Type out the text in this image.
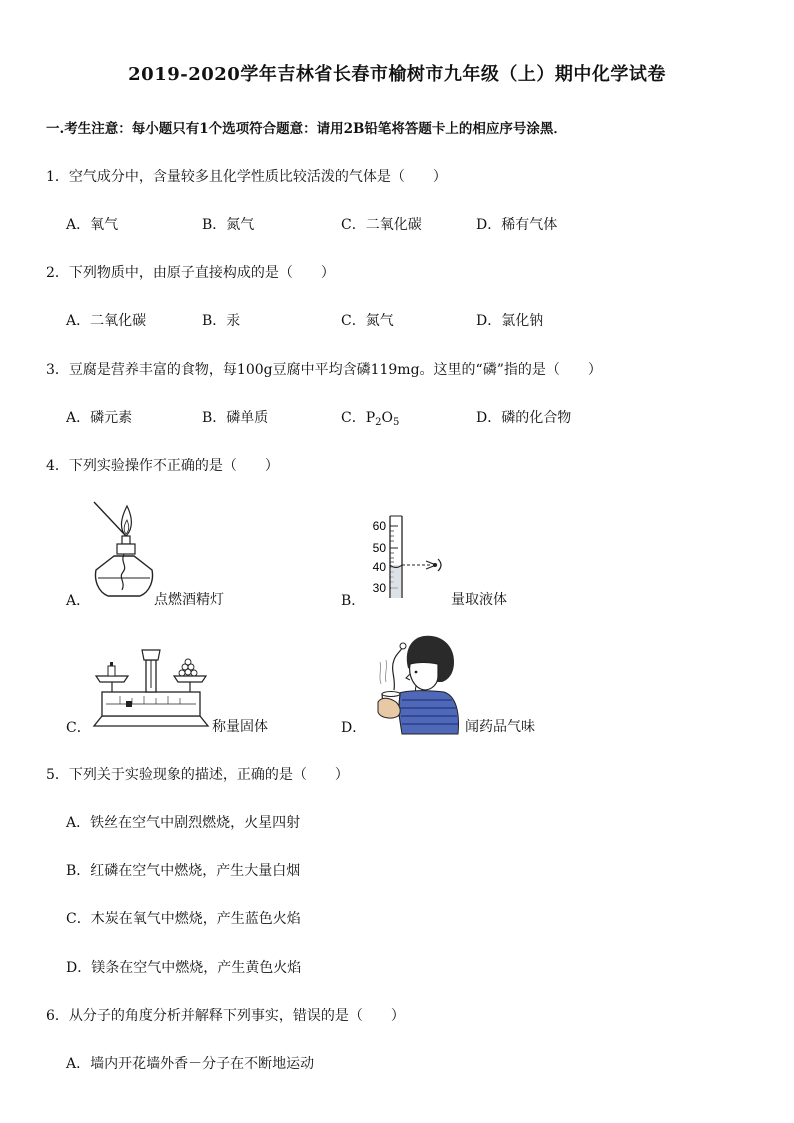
2019-2020学年吉林省长春市榆树市九年级（上）期中化学试卷
一.考生注意：每小题只有1个选项符合题意：请用2B铅笔将答题卡上的相应序号涂黑．
1．空气成分中，含量较多且化学性质比较活泼的气体是（　　）
A．氧气	B．氮气	C．二氧化碳	D．稀有气体
2．下列物质中，由原子直接构成的是（　　）
A．二氧化碳	B．汞	C．氮气	D．氯化钠
3．豆腐是营养丰富的食物，每100g豆腐中平均含磷119mg。这里的“磷”指的是（　　）
A．磷元素	B．磷单质	C．$P_2O_5$	D．磷的化合物
4．下列实验操作不正确的是（　　）
A．	点燃酒精灯	B．
60
50
40
30
量取液体
C．	称量固体	D．	闻药品气味
5．下列关于实验现象的描述，正确的是（　　）
A．铁丝在空气中剧烈燃烧，火星四射
B．红磷在空气中燃烧，产生大量白烟
C．木炭在氧气中燃烧，产生蓝色火焰
D．镁条在空气中燃烧，产生黄色火焰
6．从分子的角度分析并解释下列事实，错误的是（　　）
A．墙内开花墙外香－分子在不断地运动
